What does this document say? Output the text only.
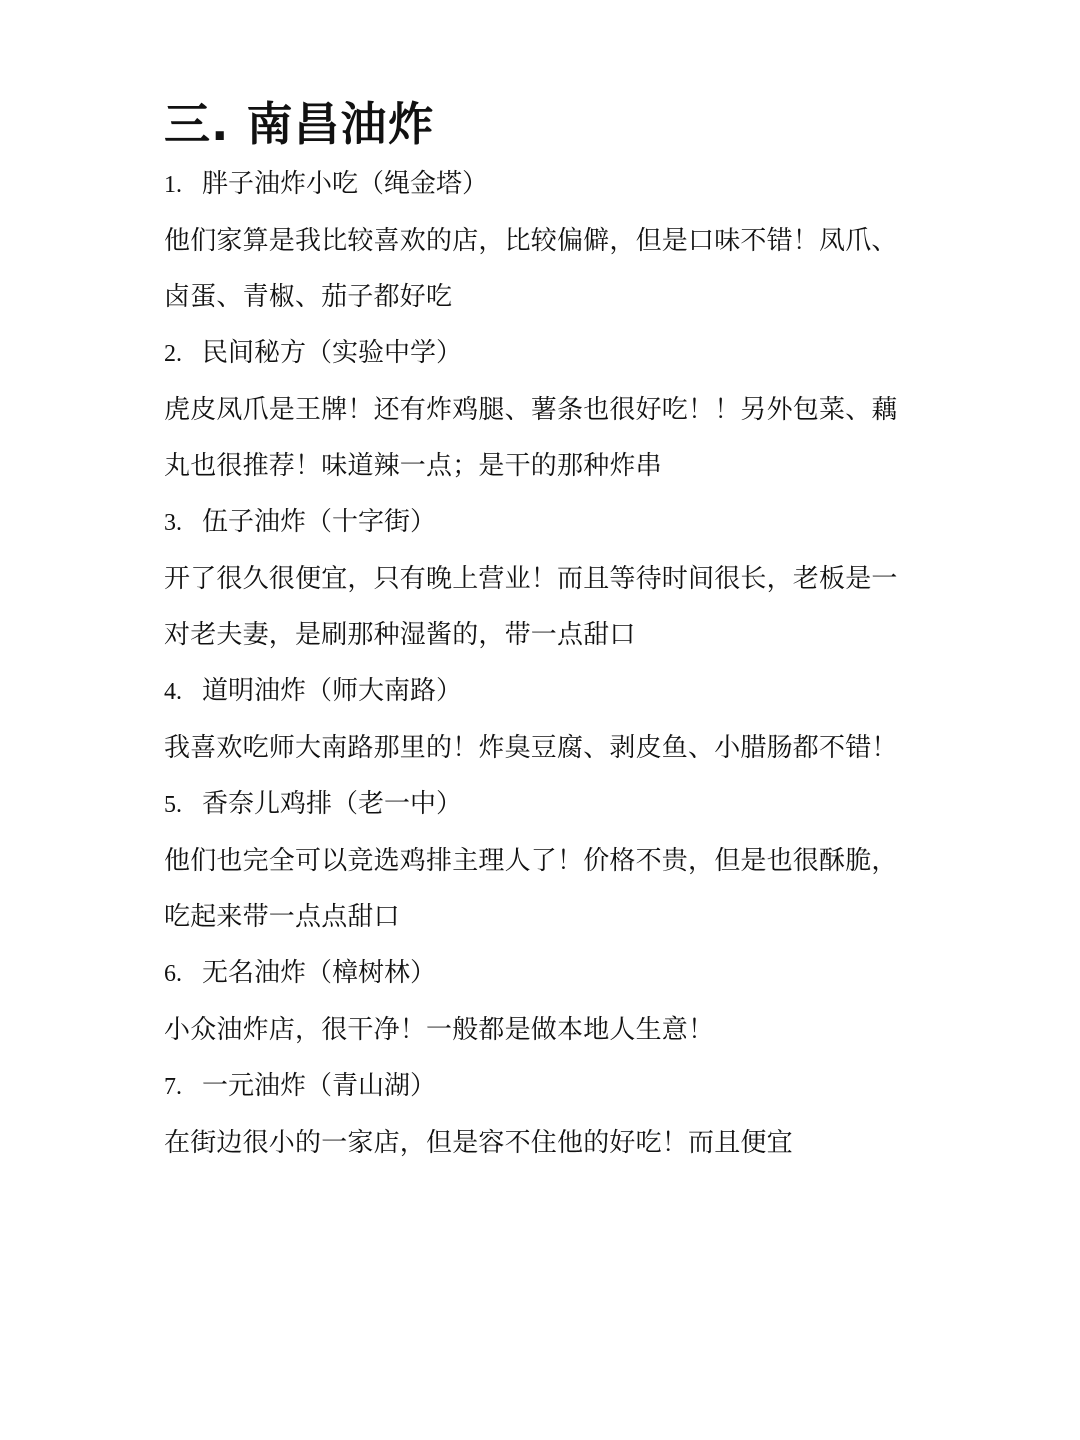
三. 南昌油炸
1. 胖子油炸小吃（绳金塔）

他们家算是我比较喜欢的店，比较偏僻，但是口味不错！凤爪、
卤蛋、青椒、茄子都好吃

2. 民间秘方（实验中学）

虎皮凤爪是王牌！还有炸鸡腿、薯条也很好吃！！另外包菜、藕
丸也很推荐！味道辣一点；是干的那种炸串

3. 伍子油炸（十字街）

开了很久很便宜，只有晚上营业！而且等待时间很长，老板是一
对老夫妻，是刷那种湿酱的，带一点甜口

4. 道明油炸（师大南路）

我喜欢吃师大南路那里的！炸臭豆腐、剥皮鱼、小腊肠都不错！

5. 香奈儿鸡排（老一中）

他们也完全可以竞选鸡排主理人了！价格不贵，但是也很酥脆，
吃起来带一点点甜口

6. 无名油炸（樟树林）

小众油炸店，很干净！一般都是做本地人生意！

7. 一元油炸（青山湖）

在街边很小的一家店，但是容不住他的好吃！而且便宜
